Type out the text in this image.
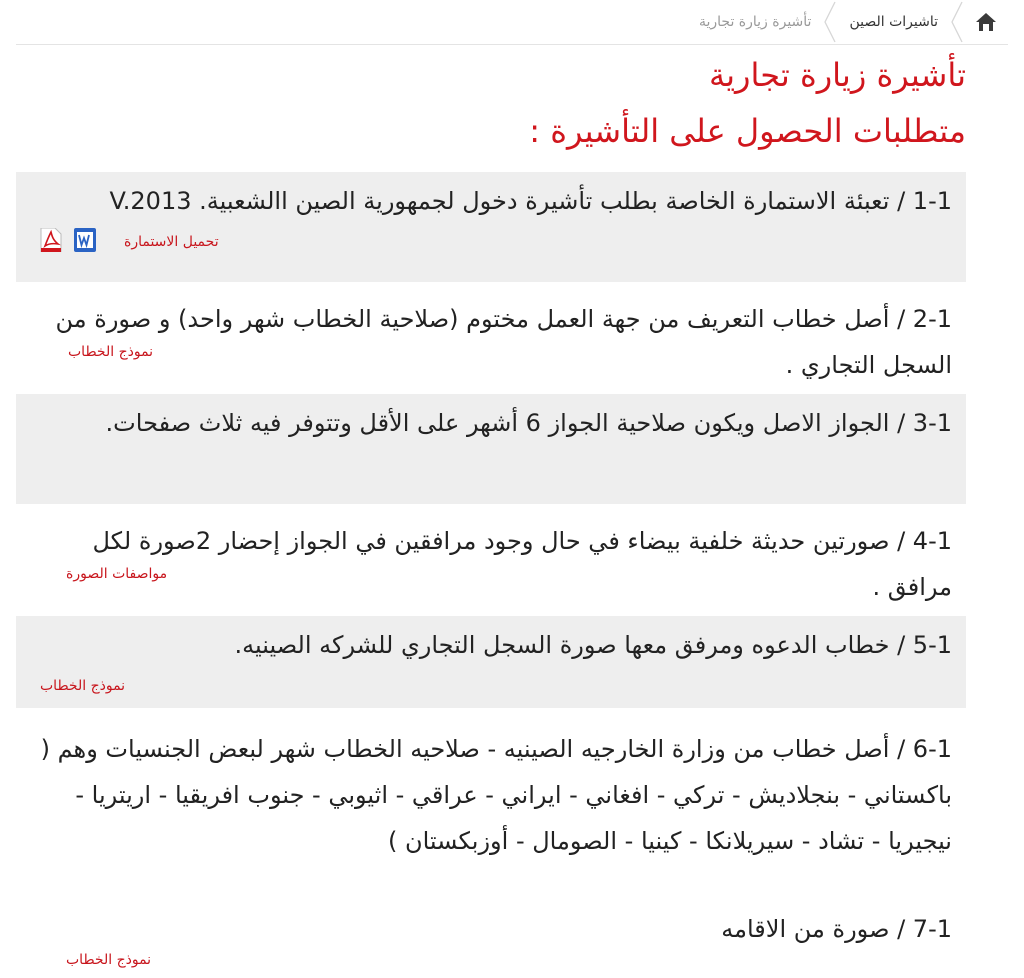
تاشيرات الصين
تأشيرة زيارة تجارية
تأشيرة زيارة تجارية
متطلبات الحصول على التأشيرة :
1-1 / تعبئة الاستمارة الخاصة بطلب تأشيرة دخول لجمهورية الصين االشعبية. V.2013
تحميل الاستمارة
2-1 / أصل خطاب التعريف من جهة العمل مختوم (صلاحية الخطاب شهر واحد) و صورة من السجل التجاري .
نموذج الخطاب
3-1 / الجواز الاصل ويكون صلاحية الجواز 6 أشهر على الأقل وتتوفر فيه ثلاث صفحات.
4-1 / صورتين حديثة خلفية بيضاء في حال وجود مرافقين في الجواز إحضار 2صورة لكل مرافق .
مواصفات الصورة
5-1 / خطاب الدعوه ومرفق معها صورة السجل التجاري للشركه الصينيه.
نموذج الخطاب
6-1 / أصل خطاب من وزارة الخارجيه الصينيه - صلاحيه الخطاب شهر لبعض الجنسيات وهم ( باكستاني - بنجلاديش - تركي - افغاني - ايراني - عراقي - اثيوبي - جنوب افريقيا - اريتريا - نيجيريا - تشاد - سيريلانكا - كينيا - الصومال - أوزبكستان )
7-1 / صورة من الاقامه
نموذج الخطاب
